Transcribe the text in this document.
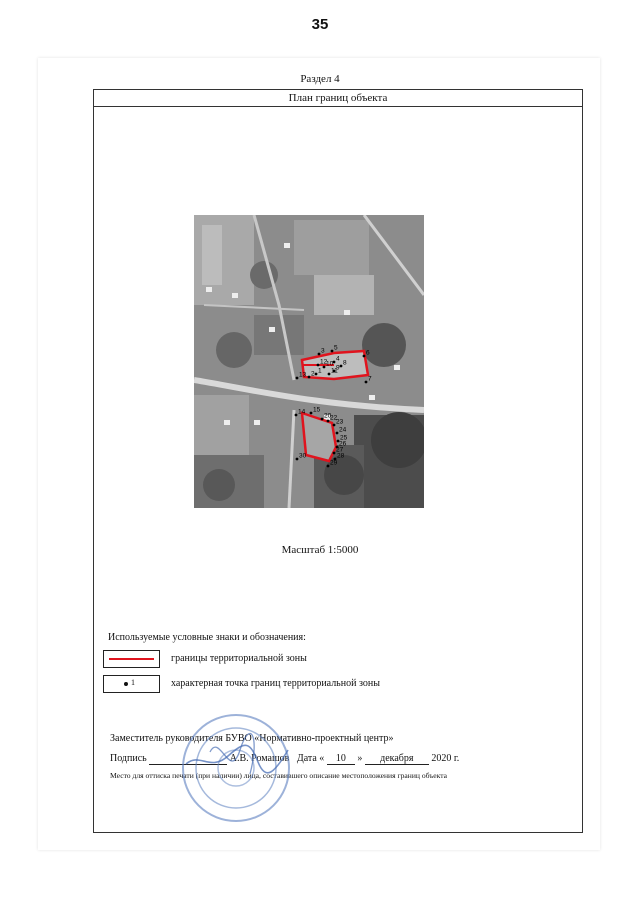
35
Раздел 4
План границ объекта
1
2
3
4
5
6
7
8
9
10
11
12
13
14 15
20
22
23
24
25
26
27
28
29
30
Масштаб 1:5000
Используемые условные знаки и обозначения:
границы территориальной зоны
1	характерная точка границ территориальной зоны
Заместитель руководителя БУВО «Нормативно-проектный центр»
Подпись	А.В. Ромашов Дата « 10 » декабря 2020 г.
Место для оттиска печати (при наличии) лица, составившего описание местоположения границ объекта
